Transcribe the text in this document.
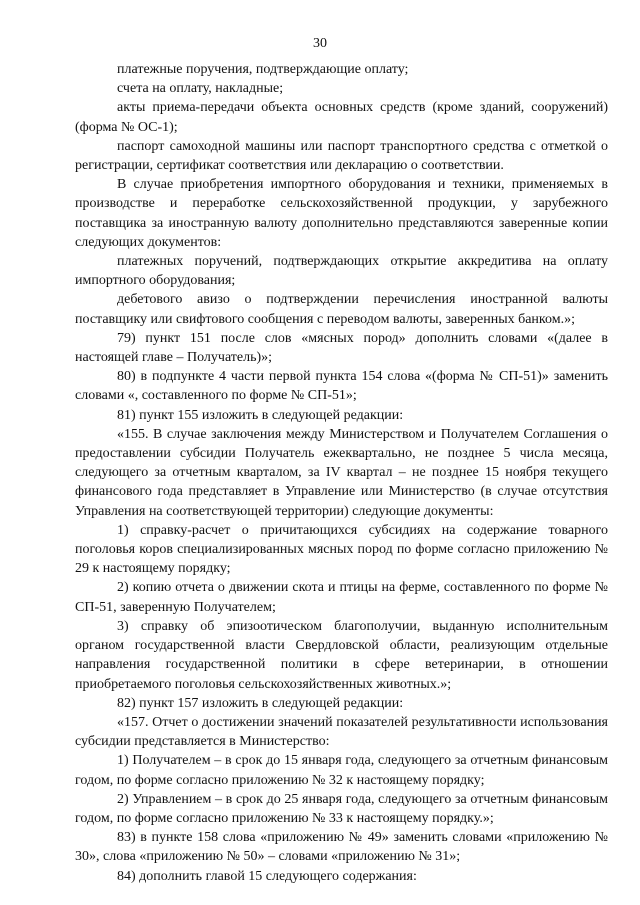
30

платежные поручения, подтверждающие оплату;

счета на оплату, накладные;

акты приема-передачи объекта основных средств (кроме зданий, сооружений) (форма № ОС-1);

паспорт самоходной машины или паспорт транспортного средства с отметкой о регистрации, сертификат соответствия или декларацию о соответствии.

В случае приобретения импортного оборудования и техники, применяемых в производстве и переработке сельскохозяйственной продукции, у зарубежного поставщика за иностранную валюту дополнительно представляются заверенные копии следующих документов:

платежных поручений, подтверждающих открытие аккредитива на оплату импортного оборудования;

дебетового авизо о подтверждении перечисления иностранной валюты поставщику или свифтового сообщения с переводом валюты, заверенных банком.»;

79) пункт 151 после слов «мясных пород» дополнить словами «(далее в настоящей главе – Получатель)»;

80) в подпункте 4 части первой пункта 154 слова «(форма № СП-51)» заменить словами «, составленного по форме № СП-51»;

81) пункт 155 изложить в следующей редакции:

«155. В случае заключения между Министерством и Получателем Соглашения о предоставлении субсидии Получатель ежеквартально, не позднее 5 числа месяца, следующего за отчетным кварталом, за IV квартал – не позднее 15 ноября текущего финансового года представляет в Управление или Министерство (в случае отсутствия Управления на соответствующей территории) следующие документы:

1) справку-расчет о причитающихся субсидиях на содержание товарного поголовья коров специализированных мясных пород по форме согласно приложению № 29 к настоящему порядку;

2) копию отчета о движении скота и птицы на ферме, составленного по форме № СП-51, заверенную Получателем;

3) справку об эпизоотическом благополучии, выданную исполнительным органом государственной власти Свердловской области, реализующим отдельные направления государственной политики в сфере ветеринарии, в отношении приобретаемого поголовья сельскохозяйственных животных.»;

82) пункт 157 изложить в следующей редакции:

«157. Отчет о достижении значений показателей результативности использования субсидии представляется в Министерство:

1) Получателем – в срок до 15 января года, следующего за отчетным финансовым годом, по форме согласно приложению № 32 к настоящему порядку;

2) Управлением – в срок до 25 января года, следующего за отчетным финансовым годом, по форме согласно приложению № 33 к настоящему порядку.»;

83) в пункте 158 слова «приложению № 49» заменить словами «приложению № 30», слова «приложению № 50» – словами «приложению № 31»;

84) дополнить главой 15 следующего содержания:
